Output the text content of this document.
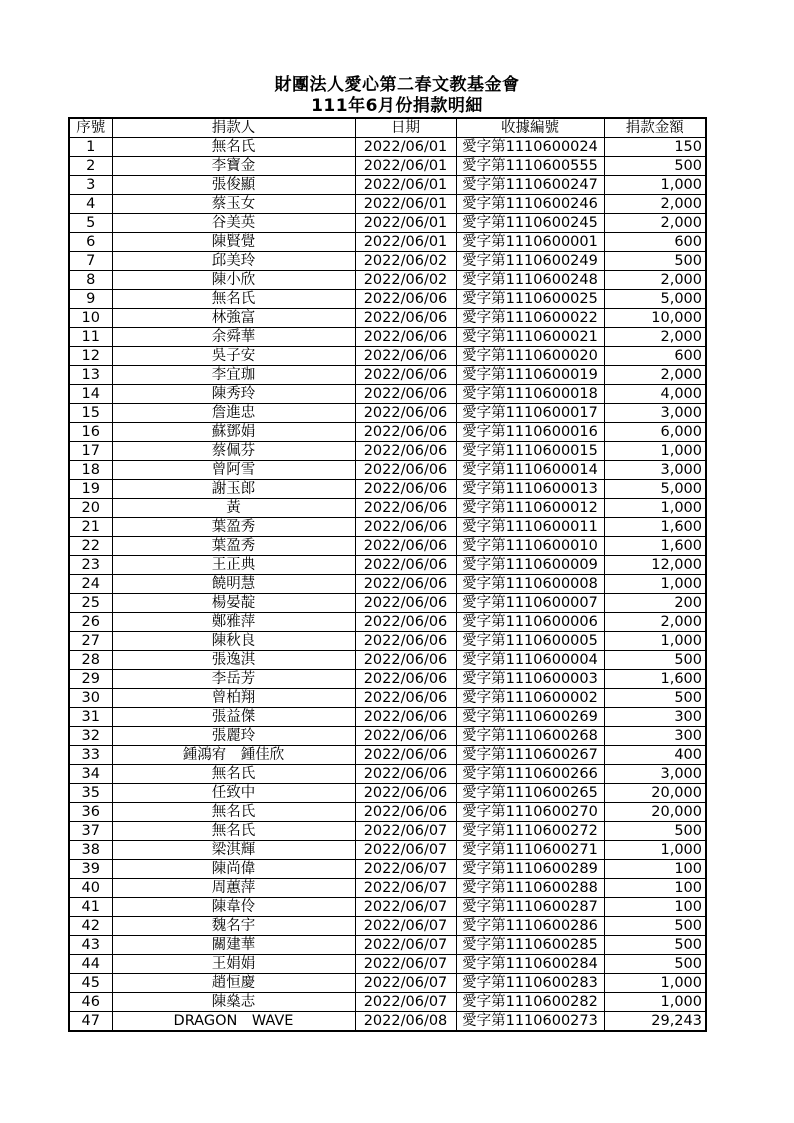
財團法人愛心第二春文教基金會
111年6月份捐款明細
序號	捐款人	日期	收據編號	捐款金額
1	無名氏	2022/06/01	愛字第1110600024	150
2	李寶金	2022/06/01	愛字第1110600555	500
3	張俊顯	2022/06/01	愛字第1110600247	1,000
4	蔡玉女	2022/06/01	愛字第1110600246	2,000
5	谷美英	2022/06/01	愛字第1110600245	2,000
6	陳賢覺	2022/06/01	愛字第1110600001	600
7	邱美玲	2022/06/02	愛字第1110600249	500
8	陳小欣	2022/06/02	愛字第1110600248	2,000
9	無名氏	2022/06/06	愛字第1110600025	5,000
10	林強富	2022/06/06	愛字第1110600022	10,000
11	余舜華	2022/06/06	愛字第1110600021	2,000
12	吳子安	2022/06/06	愛字第1110600020	600
13	李宜珈	2022/06/06	愛字第1110600019	2,000
14	陳秀玲	2022/06/06	愛字第1110600018	4,000
15	詹進忠	2022/06/06	愛字第1110600017	3,000
16	蘇鄧娟	2022/06/06	愛字第1110600016	6,000
17	蔡佩芬	2022/06/06	愛字第1110600015	1,000
18	曾阿雪	2022/06/06	愛字第1110600014	3,000
19	謝玉郎	2022/06/06	愛字第1110600013	5,000
20	黃	2022/06/06	愛字第1110600012	1,000
21	葉盈秀	2022/06/06	愛字第1110600011	1,600
22	葉盈秀	2022/06/06	愛字第1110600010	1,600
23	王正典	2022/06/06	愛字第1110600009	12,000
24	饒明慧	2022/06/06	愛字第1110600008	1,000
25	楊晏靛	2022/06/06	愛字第1110600007	200
26	鄭雅萍	2022/06/06	愛字第1110600006	2,000
27	陳秋良	2022/06/06	愛字第1110600005	1,000
28	張逸淇	2022/06/06	愛字第1110600004	500
29	李岳芳	2022/06/06	愛字第1110600003	1,600
30	曾柏翔	2022/06/06	愛字第1110600002	500
31	張益傑	2022/06/06	愛字第1110600269	300
32	張麗玲	2022/06/06	愛字第1110600268	300
33	鍾鴻宥　鍾佳欣	2022/06/06	愛字第1110600267	400
34	無名氏	2022/06/06	愛字第1110600266	3,000
35	任致中	2022/06/06	愛字第1110600265	20,000
36	無名氏	2022/06/06	愛字第1110600270	20,000
37	無名氏	2022/06/07	愛字第1110600272	500
38	梁淇輝	2022/06/07	愛字第1110600271	1,000
39	陳尚偉	2022/06/07	愛字第1110600289	100
40	周蕙萍	2022/06/07	愛字第1110600288	100
41	陳韋伶	2022/06/07	愛字第1110600287	100
42	魏名宇	2022/06/07	愛字第1110600286	500
43	關建華	2022/06/07	愛字第1110600285	500
44	王娟娟	2022/06/07	愛字第1110600284	500
45	趙恒慶	2022/06/07	愛字第1110600283	1,000
46	陳燊志	2022/06/07	愛字第1110600282	1,000
47	DRAGON　WAVE	2022/06/08	愛字第1110600273	29,243
